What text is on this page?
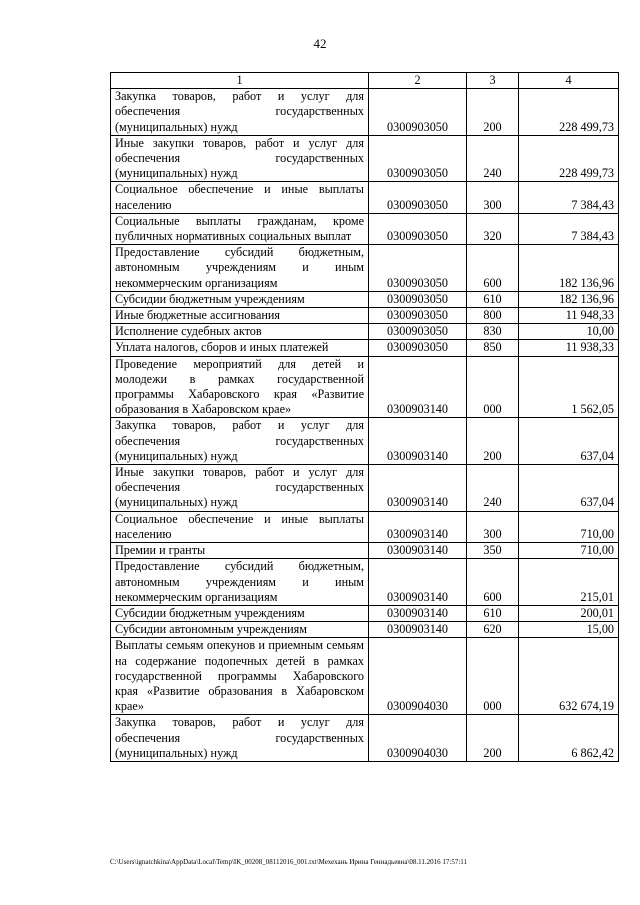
42
1	2	3	4
Закупка товаров, работ и услуг для обеспечения государственных (муниципальных) нужд	0300903050	200	228 499,73
Иные закупки товаров, работ и услуг для обеспечения государственных (муниципальных) нужд	0300903050	240	228 499,73
Социальное обеспечение и иные выплаты населению	0300903050	300	7 384,43
Социальные выплаты гражданам, кроме публичных нормативных социальных выплат	0300903050	320	7 384,43
Предоставление субсидий бюджетным, автономным учреждениям и иным некоммерческим организациям	0300903050	600	182 136,96
Субсидии бюджетным учреждениям	0300903050	610	182 136,96
Иные бюджетные ассигнования	0300903050	800	11 948,33
Исполнение судебных актов	0300903050	830	10,00
Уплата налогов, сборов и иных платежей	0300903050	850	11 938,33
Проведение мероприятий для детей и молодежи в рамках государственной программы Хабаровского края «Развитие образования в Хабаровском крае»	0300903140	000	1 562,05
Закупка товаров, работ и услуг для обеспечения государственных (муниципальных) нужд	0300903140	200	637,04
Иные закупки товаров, работ и услуг для обеспечения государственных (муниципальных) нужд	0300903140	240	637,04
Социальное обеспечение и иные выплаты населению	0300903140	300	710,00
Премии и гранты	0300903140	350	710,00
Предоставление субсидий бюджетным, автономным учреждениям и иным некоммерческим организациям	0300903140	600	215,01
Субсидии бюджетным учреждениям	0300903140	610	200,01
Субсидии автономным учреждениям	0300903140	620	15,00
Выплаты семьям опекунов и приемным семьям на содержание подопечных детей в рамках государственной программы Хабаровского края «Развитие образования в Хабаровском крае»	0300904030	000	632 674,19
Закупка товаров, работ и услуг для обеспечения государственных (муниципальных) нужд	0300904030	200	6 862,42
C:\Users\ignatchkina\AppData\Local\Temp\IK_00208_08112016_001.txt\Мехехань Ирина Геннадьевна\08.11.2016 17:57:11
